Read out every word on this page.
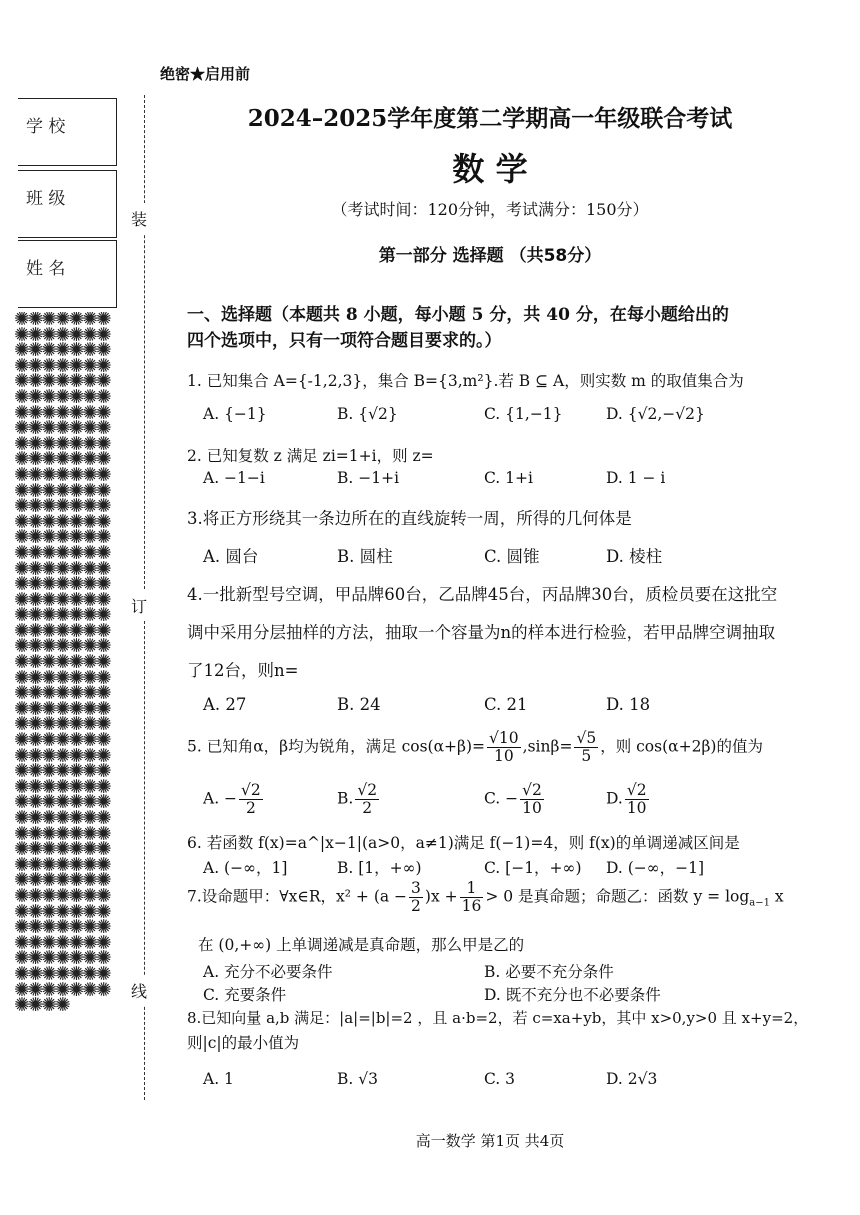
学 校
班 级
姓 名
✺✺✺✺✺✺✺✺✺✺✺✺✺✺✺✺✺✺✺✺✺✺✺✺✺✺✺✺✺✺✺✺✺✺✺✺✺✺✺✺✺✺✺✺✺✺✺✺✺✺✺✺✺✺✺✺✺✺✺✺✺✺✺✺✺✺✺✺✺✺✺✺✺✺✺✺✺✺✺✺✺✺✺✺✺✺✺✺✺✺✺✺✺✺✺✺✺✺✺✺✺✺✺✺✺✺✺✺✺✺✺✺✺✺✺✺✺✺✺✺✺✺✺✺✺✺✺✺✺✺✺✺✺✺✺✺✺✺✺✺✺✺✺✺✺✺✺✺✺✺✺✺✺✺✺✺✺✺✺✺✺✺✺✺✺✺✺✺✺✺✺✺✺✺✺✺✺✺✺✺✺✺✺✺✺✺✺✺✺✺✺✺✺✺✺✺✺✺✺✺✺✺✺✺✺✺✺✺✺✺✺✺✺✺✺✺✺✺✺✺✺✺✺✺✺✺✺✺✺✺✺✺✺✺✺✺✺✺✺✺✺✺✺✺✺✺✺✺✺✺✺✺✺✺✺✺✺✺✺✺✺✺✺✺✺✺✺✺✺✺✺✺✺✺✺✺✺✺✺✺✺✺✺✺✺✺✺✺✺✺✺✺✺✺✺✺✺✺✺✺✺✺✺✺✺✺✺✺✺✺✺✺
装
订
线
绝密★启用前
2024–2025学年度第二学期高一年级联合考试
数 学
（考试时间：120分钟，考试满分：150分）
第一部分 选择题 （共58分）
一、选择题（本题共 8 小题，每小题 5 分，共 40 分，在每小题给出的
四个选项中，只有一项符合题目要求的。）
1. 已知集合 A={-1,2,3}，集合 B={3,m²}.若 B ⊆ A，则实数 m 的取值集合为
A. {−1}	B. {√2}	C. {1,−1}	D. {√2,−√2}
2. 已知复数 z 满足 zi=1+i，则 z=
A. −1−i	B. −1+i	C. 1+i	D. 1 − i
3.将正方形绕其一条边所在的直线旋转一周，所得的几何体是
A. 圆台	B. 圆柱	C. 圆锥	D. 棱柱
4.一批新型号空调，甲品牌60台，乙品牌45台，丙品牌30台，质检员要在这批空
调中采用分层抽样的方法，抽取一个容量为n的样本进行检验，若甲品牌空调抽取
了12台，则n=
A. 27	B. 24	C. 21	D. 18
5. 已知角α，β均为锐角，满足 $\cos(\alpha+\beta)= \frac{√10}{10} ,\sin\beta= \frac{√5}{5}$ ，则 cos(α+2β)的值为
A. − $\frac{√2}{2}$	B. $\frac{√2}{2}$	C. − $\frac{√2}{10}$	D. $\frac{√2}{10}$
6. 若函数 f(x)=a^|x−1|(a>0，a≠1)满足 f(−1)=4，则 f(x)的单调递减区间是
A. (−∞，1]	B. [1，+∞)	C. [−1，+∞) D. (−∞，−1]
7.设命题甲：∀x∈R，$x^2 + (a - \frac{3}{2} )x + \frac{1}{16} > 0$ 是真命题；命题乙：函数 $y = \log_{a-1} x$
在 (0,+∞) 上单调递减是真命题，那么甲是乙的
A. 充分不必要条件	B. 必要不充分条件
C. 充要条件	D. 既不充分也不必要条件
8.已知向量 a,b 满足：|a|=|b|=2 ，且 a·b=2，若 c=xa+yb，其中 x>0,y>0 且 x+y=2，
则|c|的最小值为
A. 1	B. √3	C. 3	D. 2√3
高一数学 第1页 共4页
